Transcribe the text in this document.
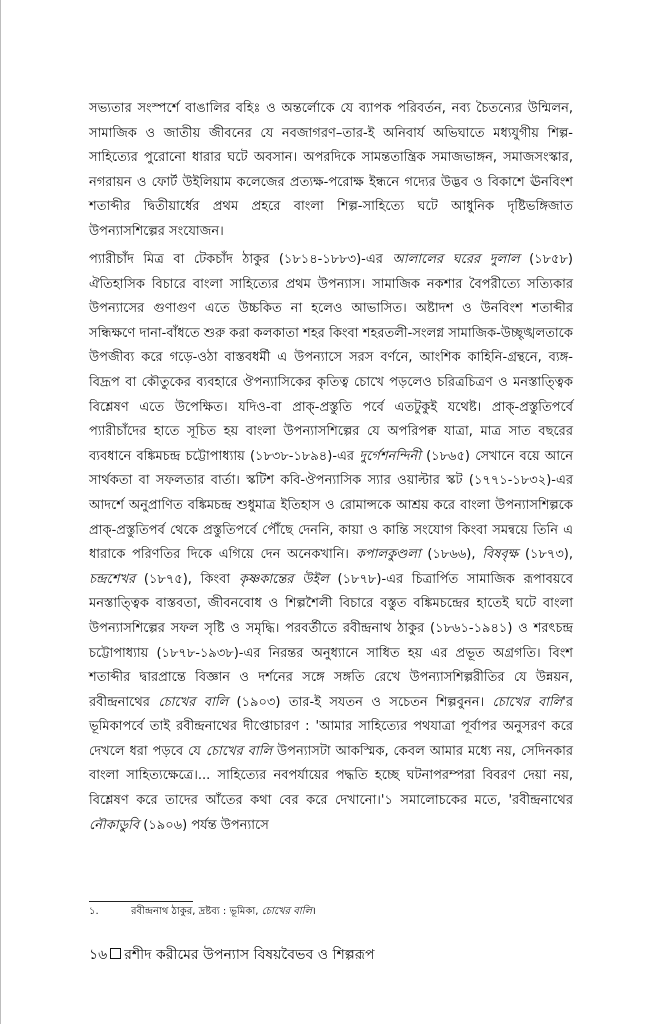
সভ্যতার সংস্পর্শে বাঙালির বহিঃ ও অন্তর্লোকে যে ব্যাপক পরিবর্তন, নব্য চৈতন্যের উন্মিলন, সামাজিক ও জাতীয় জীবনের যে নবজাগরণ–তার-ই অনিবার্য অভিঘাতে মধ্যযুগীয় শিল্প-সাহিত্যের পুরোনো ধারার ঘটে অবসান। অপরদিকে সামন্ততান্ত্রিক সমাজভাঙ্গন, সমাজসংস্কার, নগরায়ন ও ফোর্ট উইলিয়াম কলেজের প্রত্যক্ষ-পরোক্ষ ইন্ধনে গদ্যের উদ্ভব ও বিকাশে ঊনবিংশ শতাব্দীর দ্বিতীয়ার্ধের প্রথম প্রহরে বাংলা শিল্প-সাহিত্যে ঘটে আধুনিক দৃষ্টিভঙ্গিজাত উপন্যাসশিল্পের সংযোজন।

প্যারীচাঁদ মিত্র বা টেকচাঁদ ঠাকুর (১৮১৪-১৮৮৩)-এর আলালের ঘরের দুলাল (১৮৫৮) ঐতিহাসিক বিচারে বাংলা সাহিত্যের প্রথম উপন্যাস। সামাজিক নকশার বৈপরীত্যে সত্যিকার উপন্যাসের গুণাগুণ এতে উচ্চকিত না হলেও আভাসিত। অষ্টাদশ ও উনবিংশ শতাব্দীর সন্ধিক্ষণে দানা-বাঁধতে শুরু করা কলকাতা শহর কিংবা শহরতলী-সংলগ্ন সামাজিক-উচ্ছৃঙ্খলতাকে উপজীব্য করে গড়ে-ওঠা বাস্তবধর্মী এ উপন্যাসে সরস বর্ণনে, আংশিক কাহিনি-গ্রন্থনে, ব্যঙ্গ-বিদ্রূপ বা কৌতুকের ব্যবহারে ঔপন্যাসিকের কৃতিত্ব চোখে পড়লেও চরিত্রচিত্রণ ও মনস্তাত্ত্বিক বিশ্লেষণ এতে উপেক্ষিত। যদিও-বা প্রাক্-প্রস্তুতি পর্বে এতটুকুই যথেষ্ট। প্রাক্-প্রস্তুতিপর্বে প্যারীচাঁদের হাতে সূচিত হয় বাংলা উপন্যাসশিল্পের যে অপরিপক্ব যাত্রা, মাত্র সাত বছরের ব্যবধানে বঙ্কিমচন্দ্র চট্টোপাধ্যায় (১৮৩৮-১৮৯৪)-এর দুর্গেশনন্দিনী (১৮৬৫) সেখানে বয়ে আনে সার্থকতা বা সফলতার বার্তা। স্কটিশ কবি-ঔপন্যাসিক স্যার ওয়াল্টার স্কট (১৭৭১-১৮৩২)-এর আদর্শে অনুপ্রাণিত বঙ্কিমচন্দ্র শুধুমাত্র ইতিহাস ও রোমান্সকে আশ্রয় করে বাংলা উপন্যাসশিল্পকে প্রাক্-প্রস্তুতিপর্ব থেকে প্রস্তুতিপর্বে পৌঁছে দেননি, কায়া ও কান্তি সংযোগ কিংবা সমন্বয়ে তিনি এ ধারাকে পরিণতির দিকে এগিয়ে দেন অনেকখানি। কপালকুণ্ডলা (১৮৬৬), বিষবৃক্ষ (১৮৭৩), চন্দ্রশেখর (১৮৭৫), কিংবা কৃষ্ণকান্তের উইল (১৮৭৮)-এর চিত্রার্পিত সামাজিক রূপাবয়বে মনস্তাত্ত্বিক বাস্তবতা, জীবনবোধ ও শিল্পশৈলী বিচারে বস্তুত বঙ্কিমচন্দ্রের হাতেই ঘটে বাংলা উপন্যাসশিল্পের সফল সৃষ্টি ও সমৃদ্ধি। পরবর্তীতে রবীন্দ্রনাথ ঠাকুর (১৮৬১-১৯৪১) ও শরৎচন্দ্র চট্টোপাধ্যায় (১৮৭৮-১৯৩৮)-এর নিরন্তর অনুধ্যানে সাধিত হয় এর প্রভূত অগ্রগতি। বিংশ শতাব্দীর দ্বারপ্রান্তে বিজ্ঞান ও দর্শনের সঙ্গে সঙ্গতি রেখে উপন্যাসশিল্পরীতির যে উন্নয়ন, রবীন্দ্রনাথের চোখের বালি (১৯০৩) তার-ই সযতন ও সচেতন শিল্পবুনন। চোখের বালি'র ভূমিকাপর্বে তাই রবীন্দ্রনাথের দীপ্তোচারণ : 'আমার সাহিত্যের পথযাত্রা পূর্বাপর অনুসরণ করে দেখলে ধরা পড়বে যে চোখের বালি উপন্যাসটা আকস্মিক, কেবল আমার মধ্যে নয়, সেদিনকার বাংলা সাহিত্যক্ষেত্রে।... সাহিত্যের নবপর্যায়ের পদ্ধতি হচ্ছে ঘটনাপরম্পরা বিবরণ দেয়া নয়, বিশ্লেষণ করে তাদের আঁতের কথা বের করে দেখানো।'১ সমালোচকের মতে, 'রবীন্দ্রনাথের নৌকাডুবি (১৯০৬) পর্যন্ত উপন্যাসে

১.	রবীন্দ্রনাথ ঠাকুর, দ্রষ্টব্য : ভূমিকা, চোখের বালি।
১৬ রশীদ করীমের উপন্যাস বিষয়বৈভব ও শিল্পরূপ
